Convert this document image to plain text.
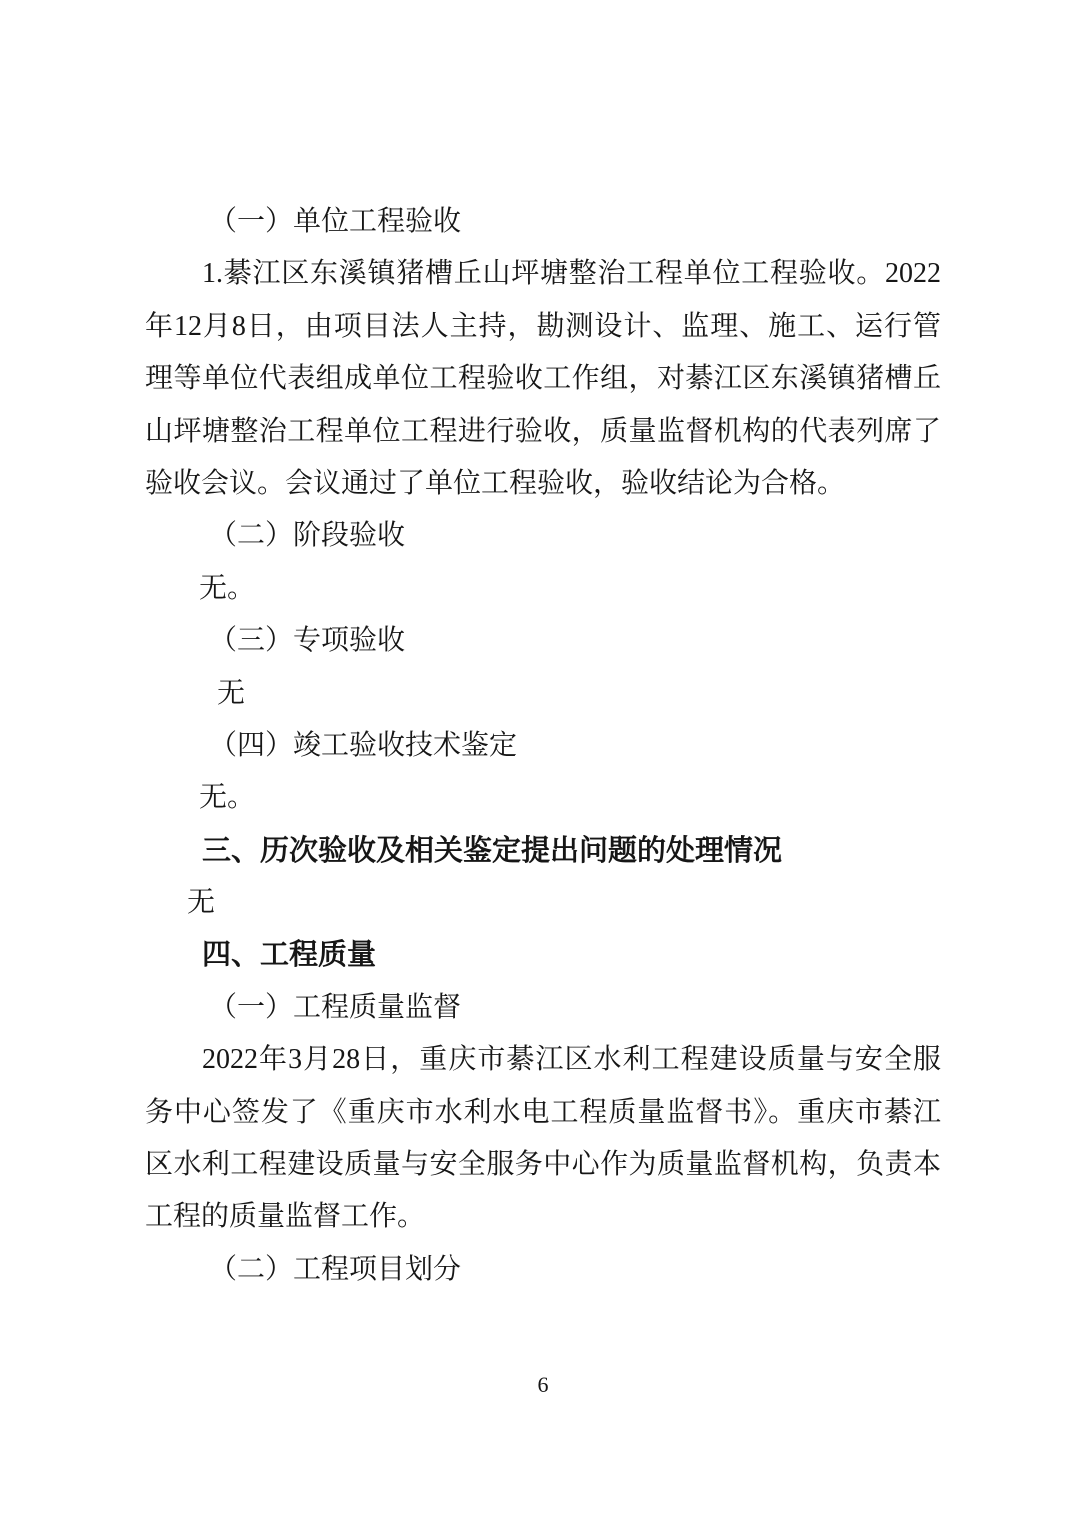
（一）单位工程验收
1.綦江区东溪镇猪槽丘山坪塘整治工程单位工程验收。2022
年12月8日，由项目法人主持，勘测设计、监理、施工、运行管
理等单位代表组成单位工程验收工作组，对綦江区东溪镇猪槽丘
山坪塘整治工程单位工程进行验收，质量监督机构的代表列席了
验收会议。会议通过了单位工程验收，验收结论为合格。
（二）阶段验收
无。
（三）专项验收
无
（四）竣工验收技术鉴定
无。
三、历次验收及相关鉴定提出问题的处理情况
无
四、工程质量
（一）工程质量监督
2022年3月28日，重庆市綦江区水利工程建设质量与安全服
务中心签发了《重庆市水利水电工程质量监督书》。重庆市綦江
区水利工程建设质量与安全服务中心作为质量监督机构，负责本
工程的质量监督工作。
（二）工程项目划分
6
